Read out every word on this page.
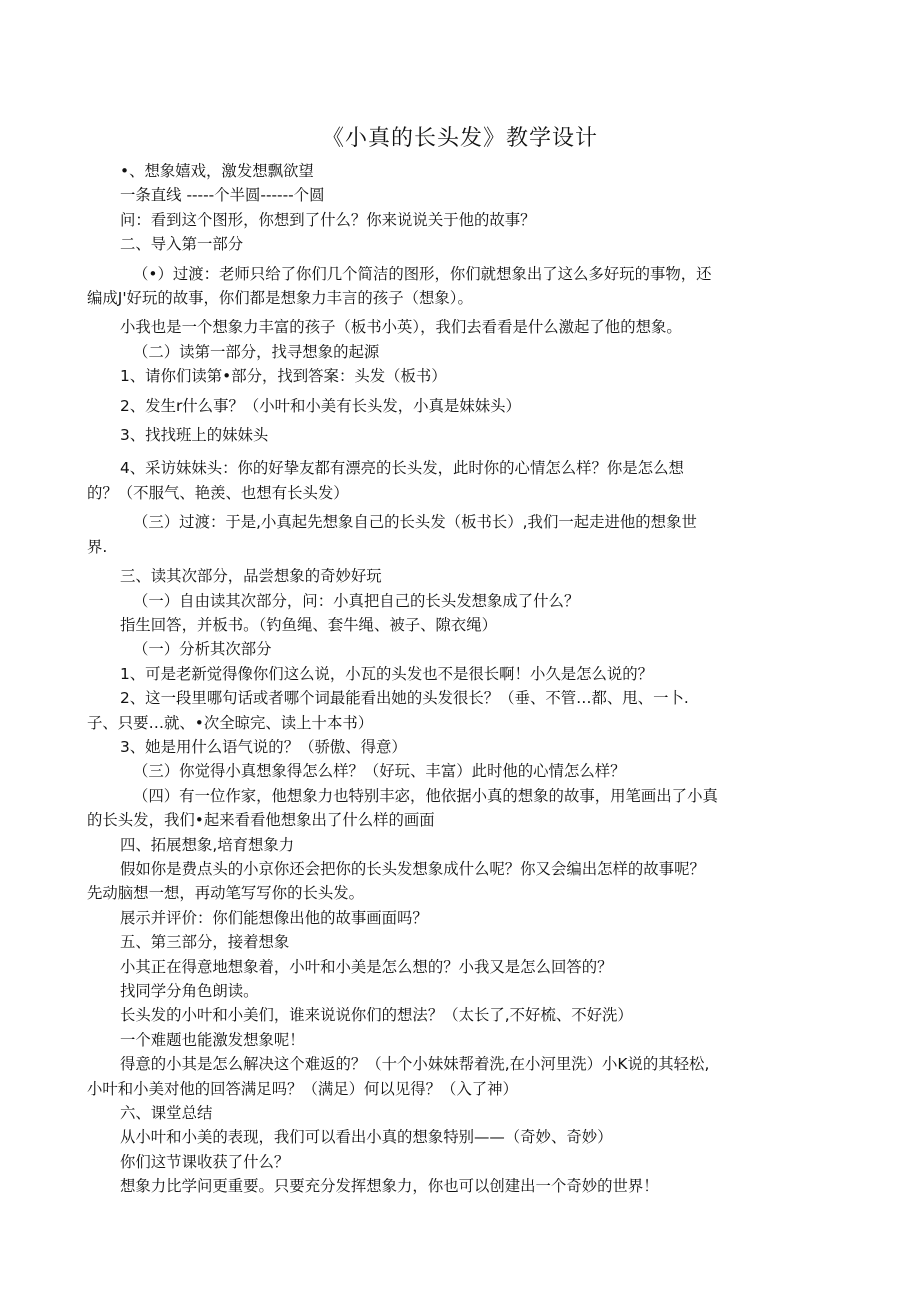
《小真的长头发》教学设计

•、想象嬉戏，激发想飘欲望

一条直线 -----个半圆------个圆

问：看到这个图形，你想到了什么？你来说说关于他的故事？

二、导入第一部分

（•）过渡：老师只给了你们几个简洁的图形，你们就想象出了这么多好玩的事物，还

编成J'好玩的故事，你们都是想象力丰言的孩子（想象）。

小我也是一个想象力丰富的孩子（板书小英），我们去看看是什么激起了他的想象。

（二）读第一部分，找寻想象的起源

1、请你们读第•部分，找到答案：头发（板书）

2、发生r什么事？（小叶和小美有长头发，小真是妹妹头）

3、找找班上的妹妹头

4、采访妹妹头：你的好挚友都有漂亮的长头发，此时你的心情怎么样？你是怎么想

的？（不服气、艳羡、也想有长头发）

（三）过渡：于是,小真起先想象自己的长头发（板书长）,我们一起走进他的想象世

界.

三、读其次部分，品尝想象的奇妙好玩

（一）自由读其次部分，问：小真把自己的长头发想象成了什么？

指生回答，并板书。（钓鱼绳、套牛绳、被子、隙衣绳）

（一）分析其次部分

1、可是老新觉得像你们这么说，小瓦的头发也不是很长啊！小久是怎么说的？

2、这一段里哪句话或者哪个词最能看出她的头发很长？（垂、不管…都、甩、一卜.

子、只要…就、•次全晾完、读上十本书）

3、她是用什么语气说的？（骄傲、得意）

（三）你觉得小真想象得怎么样？（好玩、丰富）此时他的心情怎么样？

（四）有一位作家，他想象力也特别丰宓，他依据小真的想象的故事，用笔画出了小真

的长头发，我们•起来看看他想象出了什么样的画面

四、拓展想象,培育想象力

假如你是费点头的小京你还会把你的长头发想象成什么呢？你又会编出怎样的故事呢？

先动脑想一想，再动笔写写你的长头发。

展示并评价：你们能想像出他的故事画面吗？

五、第三部分，接着想象

小其正在得意地想象着，小叶和小美是怎么想的？小我又是怎么回答的？

找同学分角色朗读。

长头发的小叶和小美们，谁来说说你们的想法？（太长了,不好梳、不好洗）

一个难题也能激发想象呢！

得意的小其是怎么解决这个难返的？（十个小妹妹帮着洗,在小河里洗）小K说的其轻松,

小叶和小美对他的回答满足吗？（满足）何以见得？（入了神）

六、课堂总结

从小叶和小美的表现，我们可以看出小真的想象特别——（奇妙、奇妙）

你们这节课收获了什么？

想象力比学问更重要。只要充分发挥想象力，你也可以创建出一个奇妙的世界！
